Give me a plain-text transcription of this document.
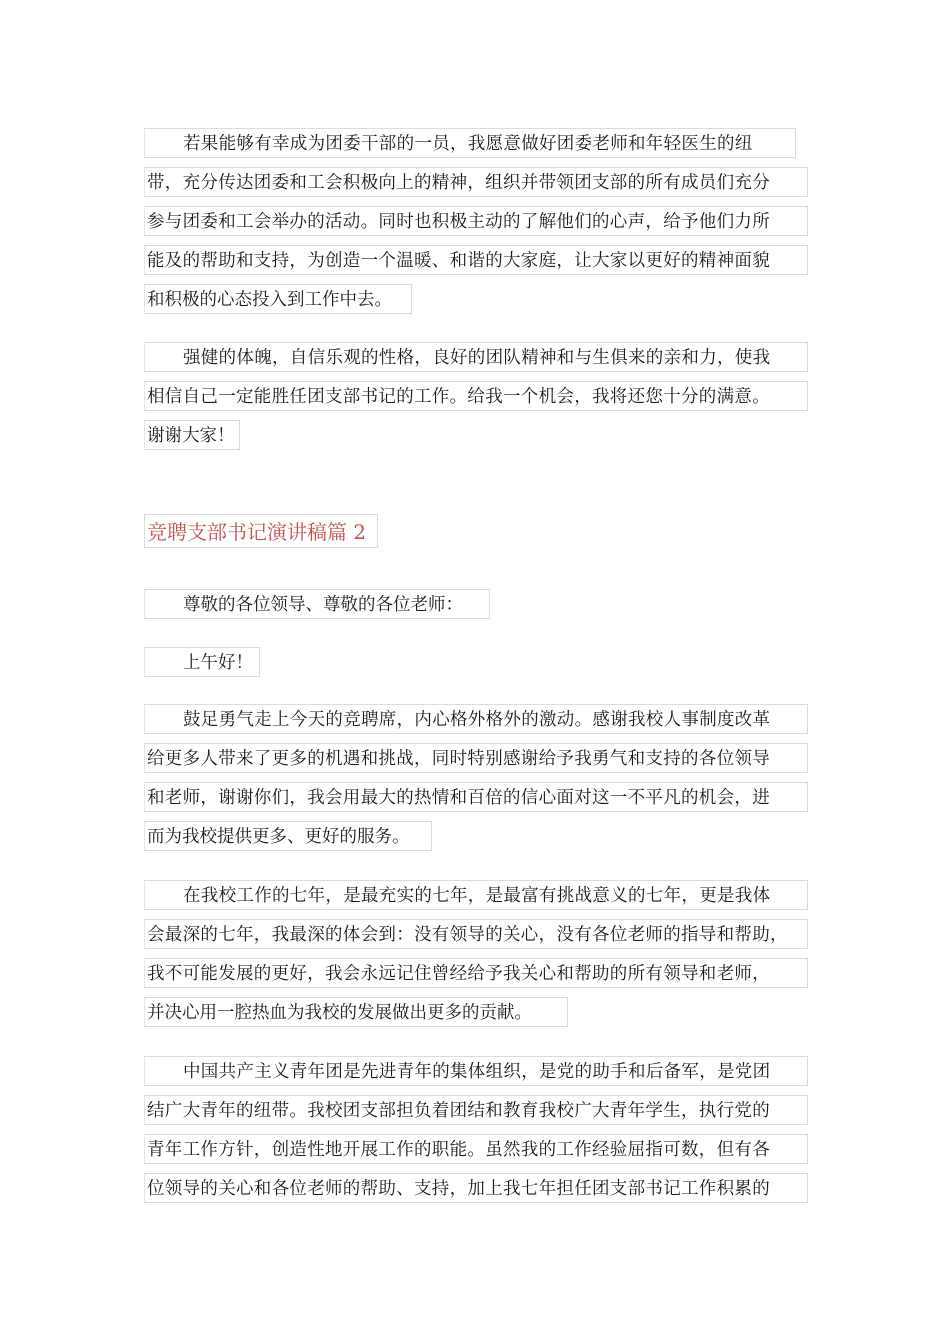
若果能够有幸成为团委干部的一员，我愿意做好团委老师和年轻医生的纽
带，充分传达团委和工会积极向上的精神，组织并带领团支部的所有成员们充分
参与团委和工会举办的活动。同时也积极主动的了解他们的心声，给予他们力所
能及的帮助和支持，为创造一个温暖、和谐的大家庭，让大家以更好的精神面貌
和积极的心态投入到工作中去。
强健的体魄，自信乐观的性格，良好的团队精神和与生俱来的亲和力，使我
相信自己一定能胜任团支部书记的工作。给我一个机会，我将还您十分的满意。
谢谢大家！
竞聘支部书记演讲稿篇 2
尊敬的各位领导、尊敬的各位老师：
上午好！
鼓足勇气走上今天的竞聘席，内心格外格外的激动。感谢我校人事制度改革
给更多人带来了更多的机遇和挑战，同时特别感谢给予我勇气和支持的各位领导
和老师，谢谢你们，我会用最大的热情和百倍的信心面对这一不平凡的机会，进
而为我校提供更多、更好的服务。
在我校工作的七年，是最充实的七年，是最富有挑战意义的七年，更是我体
会最深的七年，我最深的体会到：没有领导的关心，没有各位老师的指导和帮助，
我不可能发展的更好，我会永远记住曾经给予我关心和帮助的所有领导和老师，
并决心用一腔热血为我校的发展做出更多的贡献。
中国共产主义青年团是先进青年的集体组织，是党的助手和后备军，是党团
结广大青年的纽带。我校团支部担负着团结和教育我校广大青年学生，执行党的
青年工作方针，创造性地开展工作的职能。虽然我的工作经验屈指可数，但有各
位领导的关心和各位老师的帮助、支持，加上我七年担任团支部书记工作积累的
